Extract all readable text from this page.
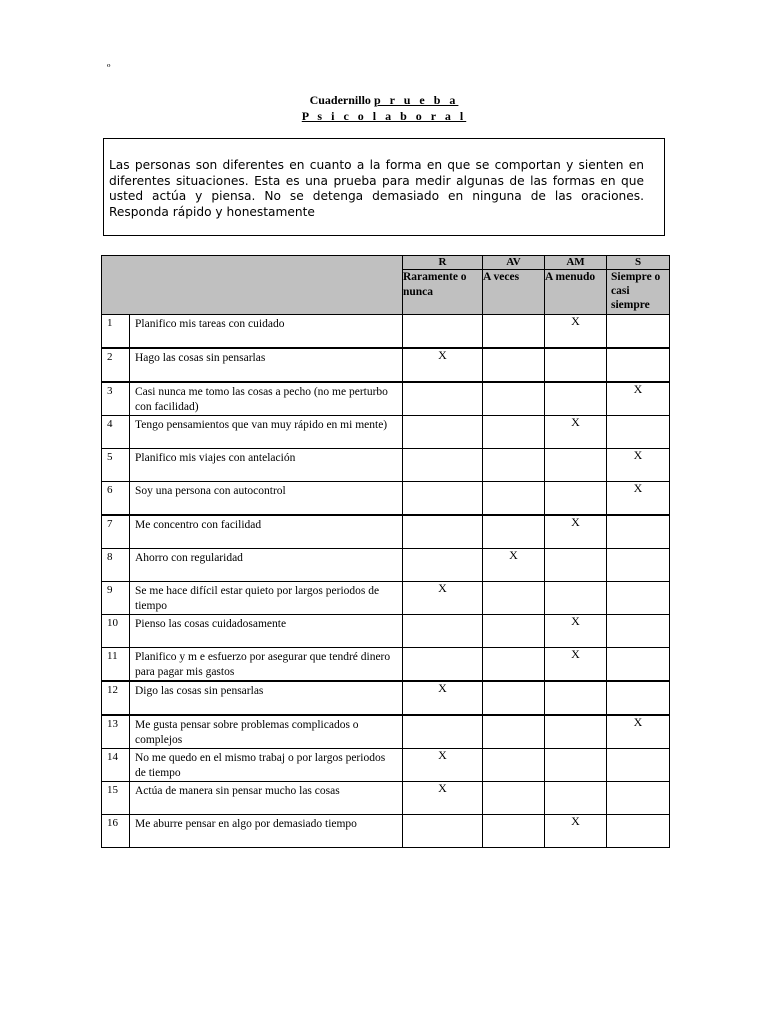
º
Cuadernillo p r u e b a
P s i c o l a b o r a l
Las personas son diferentes en cuanto a la forma en que se comportan y sienten en diferentes situaciones. Esta es una prueba para medir algunas de las formas en que usted actúa y piensa. No se detenga demasiado en ninguna de las oraciones. Responda rápido y honestamente
		R	AV	AM	S
		Raramente o nunca	A veces	A menudo	Siempre o casi siempre
1	Planifico mis tareas con cuidado			X	
2	Hago las cosas sin pensarlas	X			
3	Casi nunca me tomo las cosas a pecho (no me perturbo con facilidad)				X
4	Tengo pensamientos que van muy rápido en mi mente)			X	
5	Planifico mis viajes con antelación				X
6	Soy una persona con autocontrol				X
7	Me concentro con facilidad			X	
8	Ahorro con regularidad		X		
9	Se me hace difícil estar quieto por largos periodos de tiempo	X			
10	Pienso las cosas cuidadosamente			X	
11	Planifico y m e esfuerzo por asegurar que tendré dinero para pagar mis gastos			X	
12	Digo las cosas sin pensarlas	X			
13	Me gusta pensar sobre problemas complicados o complejos				X
14	No me quedo en el mismo trabaj o por largos periodos de tiempo	X			
15	Actúa de manera sin pensar mucho las cosas	X			
16	Me aburre pensar en algo por demasiado tiempo			X	
